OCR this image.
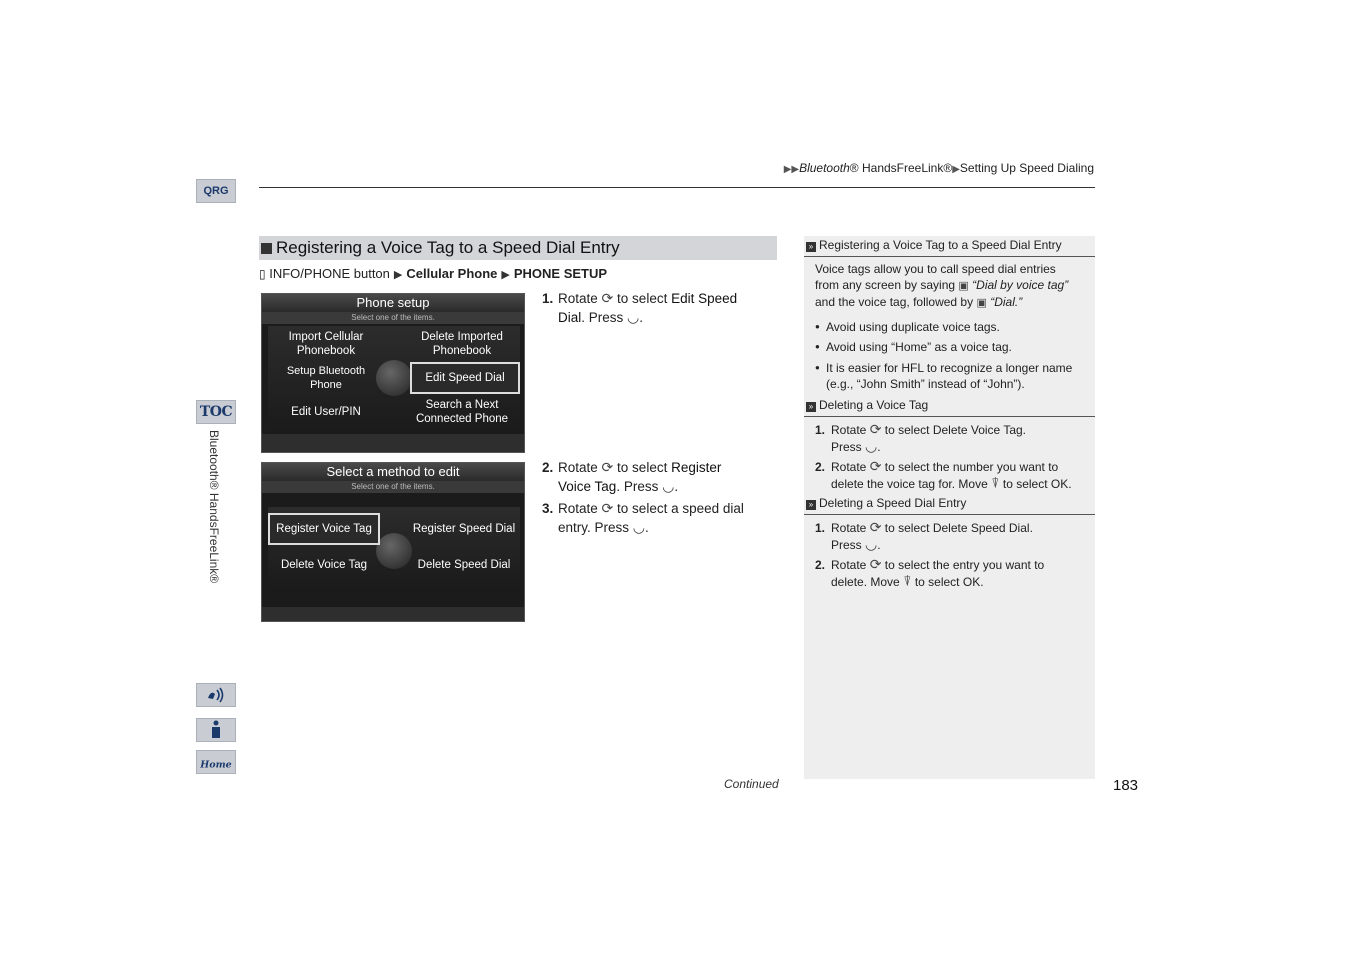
QRG
TOC
Bluetooth® HandsFreeLink®
Home
▶▶Bluetooth® HandsFreeLink®▶Setting Up Speed Dialing
Registering a Voice Tag to a Speed Dial Entry
▯ INFO/PHONE button ▶ Cellular Phone ▶ PHONE SETUP
Phone setup
Select one of the items.
Import Cellular Phonebook
Delete Imported Phonebook
Setup Bluetooth Phone
Edit Speed Dial
Edit User/PIN
Search a Next Connected Phone
Select a method to edit
Select one of the items.
Register Voice Tag	Register Speed Dial
Delete Voice Tag	Delete Speed Dial
1. Rotate ⟳ to select Edit Speed
Dial. Press ◡.
2. Rotate ⟳ to select Register
Voice Tag. Press ◡.
3. Rotate ⟳ to select a speed dial
entry. Press ◡.
» Registering a Voice Tag to a Speed Dial Entry
Voice tags allow you to call speed dial entries
from any screen by saying ▣ “Dial by voice tag”
and the voice tag, followed by ▣ “Dial.”
● Avoid using duplicate voice tags.
● Avoid using “Home” as a voice tag.
● It is easier for HFL to recognize a longer name
(e.g., “John Smith” instead of “John”).
» Deleting a Voice Tag
1. Rotate ⟳ to select Delete Voice Tag.
Press ◡.
2. Rotate ⟳ to select the number you want to
delete the voice tag for. Move ⍒ to select OK.
» Deleting a Speed Dial Entry
1. Rotate ⟳ to select Delete Speed Dial.
Press ◡.
2. Rotate ⟳ to select the entry you want to
delete. Move ⍒ to select OK.
Continued	183
